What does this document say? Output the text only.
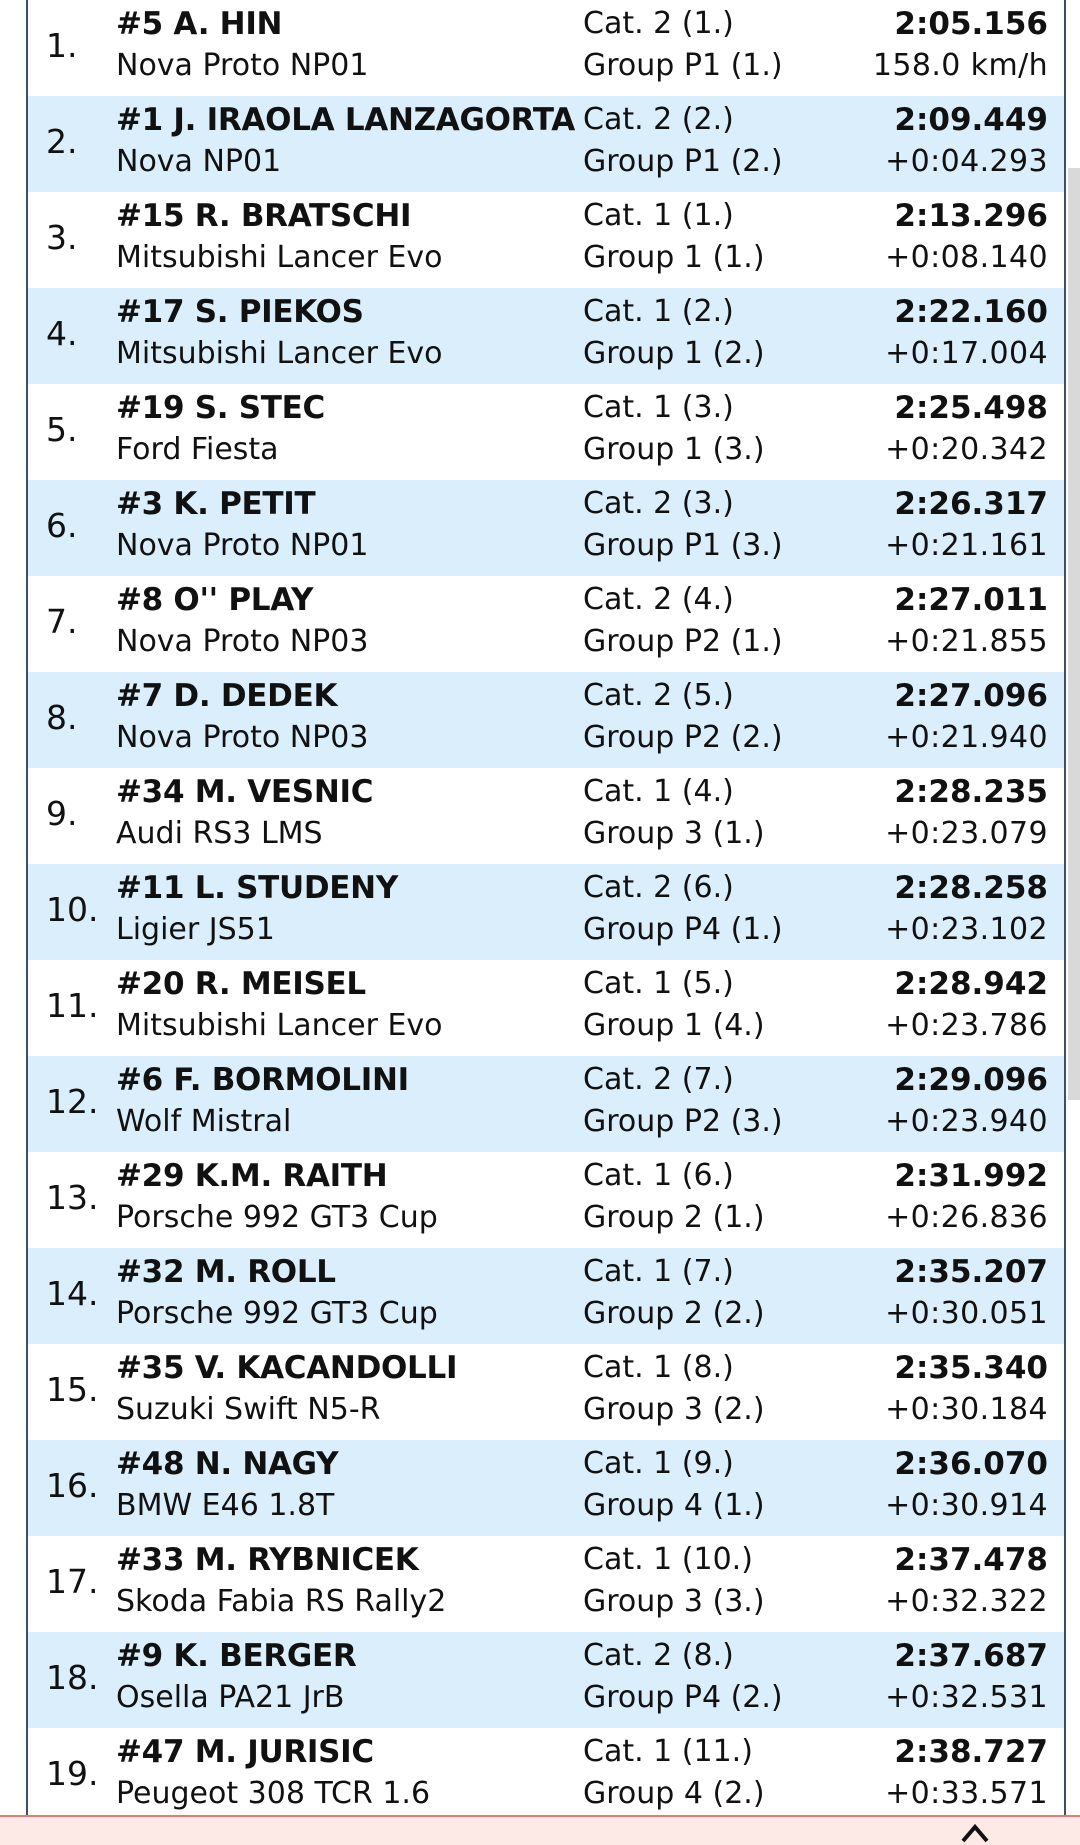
1.
#5 A. HIN
Nova Proto NP01
Cat. 2 (1.)
Group P1 (1.)
2:05.156
158.0 km/h
2.
#1 J. IRAOLA LANZAGORTA
Nova NP01
Cat. 2 (2.)
Group P1 (2.)
2:09.449
+0:04.293
3.
#15 R. BRATSCHI
Mitsubishi Lancer Evo
Cat. 1 (1.)
Group 1 (1.)
2:13.296
+0:08.140
4.
#17 S. PIEKOS
Mitsubishi Lancer Evo
Cat. 1 (2.)
Group 1 (2.)
2:22.160
+0:17.004
5.
#19 S. STEC
Ford Fiesta
Cat. 1 (3.)
Group 1 (3.)
2:25.498
+0:20.342
6.
#3 K. PETIT
Nova Proto NP01
Cat. 2 (3.)
Group P1 (3.)
2:26.317
+0:21.161
7.
#8 O'' PLAY
Nova Proto NP03
Cat. 2 (4.)
Group P2 (1.)
2:27.011
+0:21.855
8.
#7 D. DEDEK
Nova Proto NP03
Cat. 2 (5.)
Group P2 (2.)
2:27.096
+0:21.940
9.
#34 M. VESNIC
Audi RS3 LMS
Cat. 1 (4.)
Group 3 (1.)
2:28.235
+0:23.079
10.
#11 L. STUDENY
Ligier JS51
Cat. 2 (6.)
Group P4 (1.)
2:28.258
+0:23.102
11.
#20 R. MEISEL
Mitsubishi Lancer Evo
Cat. 1 (5.)
Group 1 (4.)
2:28.942
+0:23.786
12.
#6 F. BORMOLINI
Wolf Mistral
Cat. 2 (7.)
Group P2 (3.)
2:29.096
+0:23.940
13.
#29 K.M. RAITH
Porsche 992 GT3 Cup
Cat. 1 (6.)
Group 2 (1.)
2:31.992
+0:26.836
14.
#32 M. ROLL
Porsche 992 GT3 Cup
Cat. 1 (7.)
Group 2 (2.)
2:35.207
+0:30.051
15.
#35 V. KACANDOLLI
Suzuki Swift N5-R
Cat. 1 (8.)
Group 3 (2.)
2:35.340
+0:30.184
16.
#48 N. NAGY
BMW E46 1.8T
Cat. 1 (9.)
Group 4 (1.)
2:36.070
+0:30.914
17.
#33 M. RYBNICEK
Skoda Fabia RS Rally2
Cat. 1 (10.)
Group 3 (3.)
2:37.478
+0:32.322
18.
#9 K. BERGER
Osella PA21 JrB
Cat. 2 (8.)
Group P4 (2.)
2:37.687
+0:32.531
19.
#47 M. JURISIC
Peugeot 308 TCR 1.6
Cat. 1 (11.)
Group 4 (2.)
2:38.727
+0:33.571
